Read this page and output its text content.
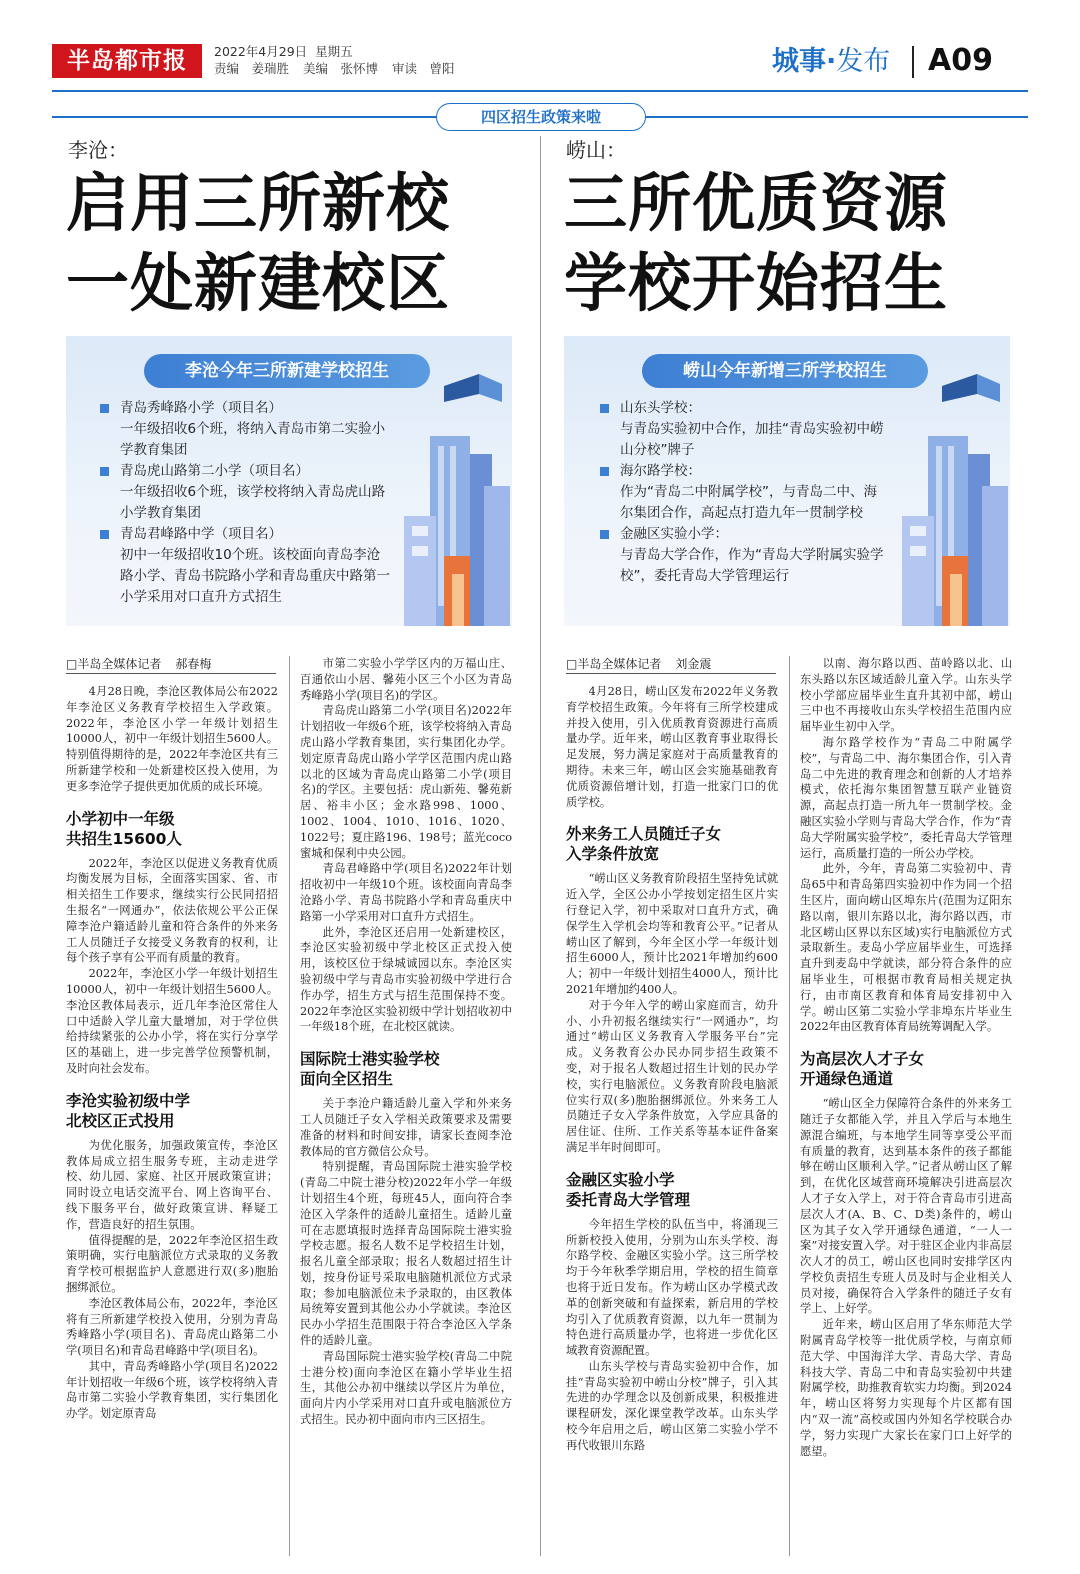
半岛都市报	2022年4月29日 星期五
责编　姜瑞胜 美编　张怀博 审读　曾阳	城事·发布 A09
四区招生政策来啦
李沧：
启用三所新校
一处新建校区
李沧今年三所新建学校招生
青岛秀峰路小学（项目名）
一年级招收6个班，将纳入青岛市第二实验小学教育集团
青岛虎山路第二小学（项目名）
一年级招收6个班，该学校将纳入青岛虎山路小学教育集团
青岛君峰路中学（项目名）
初中一年级招收10个班。该校面向青岛李沧路小学、青岛书院路小学和青岛重庆中路第一小学采用对口直升方式招生
□半岛全媒体记者 郝春梅

4月28日晚，李沧区教体局公布2022年李沧区义务教育学校招生入学政策。2022年，李沧区小学一年级计划招生10000人，初中一年级计划招生5600人。特别值得期待的是，2022年李沧区共有三所新建学校和一处新建校区投入使用，为更多李沧学子提供更加优质的成长环境。

小学初中一年级
共招生15600人

2022年，李沧区以促进义务教育优质均衡发展为目标，全面落实国家、省、市相关招生工作要求，继续实行公民同招招生报名“一网通办”，依法依规公平公正保障李沧户籍适龄儿童和符合条件的外来务工人员随迁子女接受义务教育的权利，让每个孩子享有公平而有质量的教育。

2022年，李沧区小学一年级计划招生10000人，初中一年级计划招生5600人。李沧区教体局表示，近几年李沧区常住人口中适龄入学儿童大量增加，对于学位供给持续紧张的公办小学，将在实行分享学区的基础上，进一步完善学位预警机制，及时向社会发布。

李沧实验初级中学
北校区正式投用

为优化服务，加强政策宣传，李沧区教体局成立招生服务专班，主动走进学校、幼儿园、家庭、社区开展政策宣讲；同时设立电话交流平台、网上咨询平台、线下服务平台，做好政策宣讲、释疑工作，营造良好的招生氛围。

值得提醒的是，2022年李沧区招生政策明确，实行电脑派位方式录取的义务教育学校可根据监护人意愿进行双(多)胞胎捆绑派位。

李沧区教体局公布，2022年，李沧区将有三所新建学校投入使用，分别为青岛秀峰路小学(项目名)、青岛虎山路第二小学(项目名)和青岛君峰路中学(项目名)。

其中，青岛秀峰路小学(项目名)2022年计划招收一年级6个班，该学校将纳入青岛市第二实验小学教育集团，实行集团化办学。划定原青岛

市第二实验小学学区内的万福山庄、百通依山小居、馨苑小区三个小区为青岛秀峰路小学(项目名)的学区。

青岛虎山路第二小学(项目名)2022年计划招收一年级6个班，该学校将纳入青岛虎山路小学教育集团，实行集团化办学。划定原青岛虎山路小学学区范围内虎山路以北的区域为青岛虎山路第二小学(项目名)的学区。主要包括：虎山新苑、馨苑新居、裕丰小区；金水路998、1000、1002、1004、1010、1016、1020、1022号；夏庄路196、198号；蓝光coco蜜城和保利中央公园。

青岛君峰路中学(项目名)2022年计划招收初中一年级10个班。该校面向青岛李沧路小学、青岛书院路小学和青岛重庆中路第一小学采用对口直升方式招生。

此外，李沧区还启用一处新建校区，李沧区实验初级中学北校区正式投入使用，该校区位于绿城诚园以东。李沧区实验初级中学与青岛市实验初级中学进行合作办学，招生方式与招生范围保持不变。2022年李沧区实验初级中学计划招收初中一年级18个班，在北校区就读。

国际院士港实验学校
面向全区招生

关于李沧户籍适龄儿童入学和外来务工人员随迁子女入学相关政策要求及需要准备的材料和时间安排，请家长查阅李沧教体局的官方微信公众号。

特别提醒，青岛国际院士港实验学校(青岛二中院士港分校)2022年小学一年级计划招生4个班，每班45人，面向符合李沧区入学条件的适龄儿童招生。适龄儿童可在志愿填报时选择青岛国际院士港实验学校志愿。报名人数不足学校招生计划，报名儿童全部录取；报名人数超过招生计划，按身份证号采取电脑随机派位方式录取；参加电脑派位未予录取的，由区教体局统筹安置到其他公办小学就读。李沧区民办小学招生范围限于符合李沧区入学条件的适龄儿童。

青岛国际院士港实验学校(青岛二中院士港分校)面向李沧区在籍小学毕业生招生，其他公办初中继续以学区片为单位，面向片内小学采用对口直升或电脑派位方式招生。民办初中面向市内三区招生。

崂山：
三所优质资源
学校开始招生
崂山今年新增三所学校招生
山东头学校：
与青岛实验初中合作，加挂“青岛实验初中崂山分校”牌子
海尔路学校：
作为“青岛二中附属学校”，与青岛二中、海尔集团合作，高起点打造九年一贯制学校
金融区实验小学：
与青岛大学合作，作为“青岛大学附属实验学校”，委托青岛大学管理运行
□半岛全媒体记者 刘金震

4月28日，崂山区发布2022年义务教育学校招生政策。今年将有三所学校建成并投入使用，引入优质教育资源进行高质量办学。近年来，崂山区教育事业取得长足发展，努力满足家庭对于高质量教育的期待。未来三年，崂山区会实施基础教育优质资源倍增计划，打造一批家门口的优质学校。

外来务工人员随迁子女
入学条件放宽

“崂山区义务教育阶段招生坚持免试就近入学，全区公办小学按划定招生区片实行登记入学，初中采取对口直升方式，确保学生入学机会均等和教育公平。”记者从崂山区了解到，今年全区小学一年级计划招生6000人，预计比2021年增加约600人；初中一年级计划招生4000人，预计比2021年增加约400人。

对于今年入学的崂山家庭而言，幼升小、小升初报名继续实行“一网通办”，均通过“崂山区义务教育入学服务平台”完成。义务教育公办民办同步招生政策不变，对于报名人数超过招生计划的民办学校，实行电脑派位。义务教育阶段电脑派位实行双(多)胞胎捆绑派位。外来务工人员随迁子女入学条件放宽，入学应具备的居住证、住所、工作关系等基本证件备案满足半年时间即可。

金融区实验小学
委托青岛大学管理

今年招生学校的队伍当中，将涌现三所新校投入使用，分别为山东头学校、海尔路学校、金融区实验小学。这三所学校均于今年秋季学期启用，学校的招生简章也将于近日发布。作为崂山区办学模式改革的创新突破和有益探索，新启用的学校均引入了优质教育资源，以九年一贯制为特色进行高质量办学，也将进一步优化区域教育资源配置。

山东头学校与青岛实验初中合作，加挂“青岛实验初中崂山分校”牌子，引入其先进的办学理念以及创新成果，积极推进课程研发，深化课堂教学改革。山东头学校今年启用之后，崂山区第二实验小学不再代收银川东路

以南、海尔路以西、苗岭路以北、山东头路以东区域适龄儿童入学。山东头学校小学部应届毕业生直升其初中部，崂山三中也不再接收山东头学校招生范围内应届毕业生初中入学。

海尔路学校作为“青岛二中附属学校”，与青岛二中、海尔集团合作，引入青岛二中先进的教育理念和创新的人才培养模式，依托海尔集团智慧互联产业链资源，高起点打造一所九年一贯制学校。金融区实验小学则与青岛大学合作，作为“青岛大学附属实验学校”，委托青岛大学管理运行，高质量打造的一所公办学校。

此外，今年，青岛第二实验初中、青岛65中和青岛第四实验初中作为同一个招生区片，面向崂山区埠东片(范围为辽阳东路以南，银川东路以北，海尔路以西，市北区崂山区界以东区域)实行电脑派位方式录取新生。麦岛小学应届毕业生，可选择直升到麦岛中学就读，部分符合条件的应届毕业生，可根据市教育局相关规定执行，由市南区教育和体育局安排初中入学。崂山区第二实验小学非埠东片毕业生2022年由区教育体育局统筹调配入学。

为高层次人才子女
开通绿色通道

“崂山区全力保障符合条件的外来务工随迁子女都能入学，并且入学后与本地生源混合编班，与本地学生同等享受公平而有质量的教育，达到基本条件的孩子都能够在崂山区顺利入学。”记者从崂山区了解到，在优化区域营商环境解决引进高层次人才子女入学上，对于符合青岛市引进高层次人才(A、B、C、D类)条件的，崂山区为其子女入学开通绿色通道，“一人一案”对接安置入学。对于驻区企业内非高层次人才的员工，崂山区也同时安排学区内学校负责招生专班人员及时与企业相关人员对接，确保符合入学条件的随迁子女有学上、上好学。

近年来，崂山区启用了华东师范大学附属青岛学校等一批优质学校，与南京师范大学、中国海洋大学、青岛大学、青岛科技大学、青岛二中和青岛实验初中共建附属学校，助推教育软实力均衡。到2024年，崂山区将努力实现每个片区都有国内“双一流”高校或国内外知名学校联合办学，努力实现广大家长在家门口上好学的愿望。
